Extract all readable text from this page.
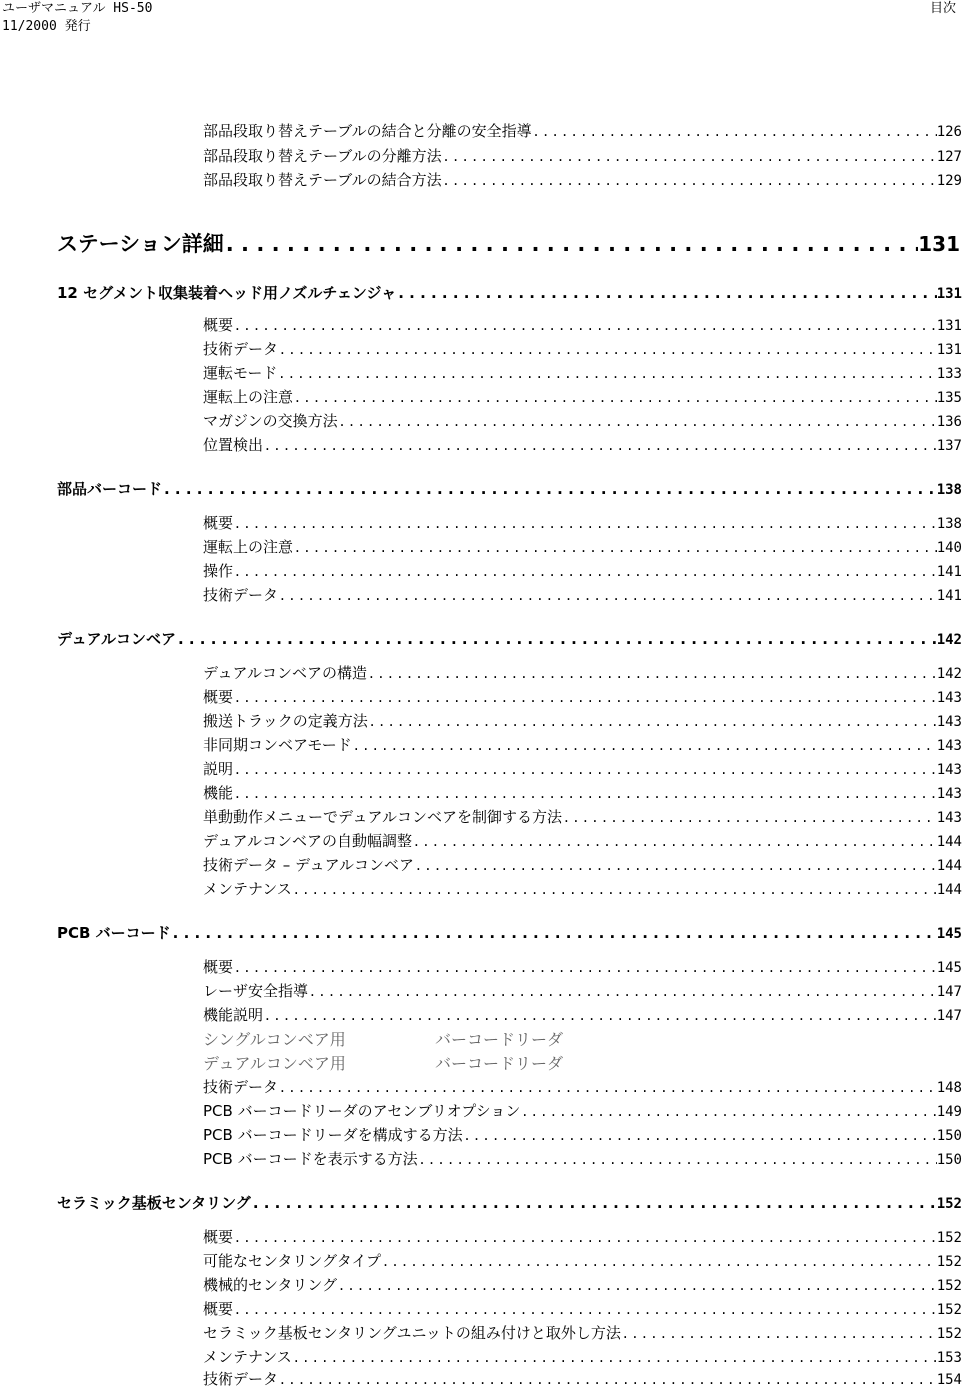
ユーザマニュアル HS-50
11/2000 発行
目次
部品段取り替えテーブルの結合と分離の安全指導 . . .	126
部品段取り替えテーブルの分離方法 . . .	127
部品段取り替えテーブルの結合方法 . . .	129
ステーション詳細 . . .	131
12 セグメント収集装着ヘッド用ノズルチェンジャ . . .	131
概要 . . .	131
技術データ . . .	131
運転モード . . .	133
運転上の注意 . . .	135
マガジンの交換方法 . . .	136
位置検出 . . .	137
部品バーコード . . .	138
概要 . . .	138
運転上の注意 . . .	140
操作 . . .	141
技術データ . . .	141
デュアルコンベア . . .	142
デュアルコンベアの構造 . . .	142
概要 . . .	143
搬送トラックの定義方法 . . .	143
非同期コンベアモード . . .	143
説明 . . .	143
機能 . . .	143
単動動作メニューでデュアルコンベアを制御する方法 . . .	143
デュアルコンベアの自動幅調整 . . .	144
技術データ – デュアルコンベア . . .	144
メンテナンス . . .	144
PCB バーコード . . .	145
概要 . . .	145
レーザ安全指導 . . .	147
機能説明 . . .	147
シングルコンベア用	バーコードリーダ
デュアルコンベア用	バーコードリーダ
技術データ . . .	148
PCB バーコードリーダのアセンブリオプション . . .	149
PCB バーコードリーダを構成する方法 . . .	150
PCB バーコードを表示する方法 . . .	150
セラミック基板センタリング . . .	152
概要 . . .	152
可能なセンタリングタイプ . . .	152
機械的センタリング . . .	152
概要 . . .	152
セラミック基板センタリングユニットの組み付けと取外し方法 . . .	152
メンテナンス . . .	153
技術データ . . .	154
